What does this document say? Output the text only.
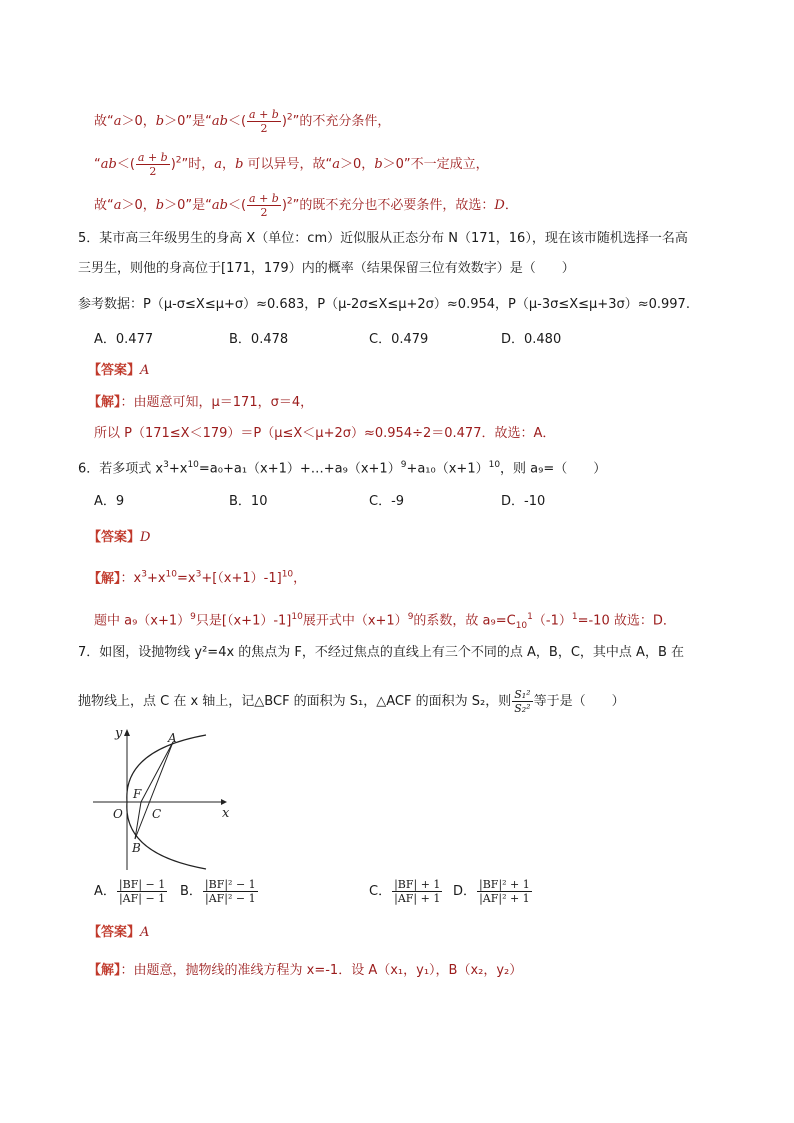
故“a＞0，b＞0”是“$ab<( \frac{a + b}{2} )^2$”的不充分条件，
“$ab<( \frac{a + b}{2} )^2$”时，a，b 可以异号，故“a＞0，b＞0”不一定成立，
故“a＞0，b＞0”是“$ab<( \frac{a + b}{2} )^2$”的既不充分也不必要条件，故选：D．
5．某市高三年级男生的身高 X（单位：cm）近似服从正态分布 N（171，16），现在该市随机选择一名高
三男生，则他的身高位于[171，179）内的概率（结果保留三位有效数字）是（　　）
参考数据：P（μ-σ≤X≤μ+σ）≈0.683，P（μ-2σ≤X≤μ+2σ）≈0.954，P（μ-3σ≤X≤μ+3σ）≈0.997.
A．0.477	B．0.478	C．0.479	D．0.480
【答案】A
【解】：由题意可知，μ＝171，σ＝4，
所以 P（171≤X＜179）＝P（μ≤X＜μ+2σ）≈0.954÷2＝0.477．故选：A．
6．若多项式 $x^3+x^{10}=a_0+a_1(x+1)+\dots+a_9(x+1)^9+a_{10}(x+1)^{10}$，则 a₉=（　　）
A．9	B．10	C．-9	D．-10
【答案】D
【解】：$x^3+x^{10}=x^3+[(x+1)-1]^{10}$，
题中 $a_9(x+1)^9$只是$[(x+1)-1]^{10}$展开式中$(x+1)^9$的系数，故 $a_9=C_{10}^1(-1)^1=-10$ 故选：D．
7．如图，设抛物线 y²=4x 的焦点为 F，不经过焦点的直线上有三个不同的点 A，B，C，其中点 A，B 在
抛物线上，点 C 在 x 轴上，记△BCF 的面积为 S₁，△ACF 的面积为 S₂，则 $\frac{\text{S₁²}}{\text{S₂²}}$ 等于是（　　）
y
x
A
B
C
F
O
A． $\frac{|BF| - 1}{|AF| - 1}$ B． $\frac{\text{|BF|² − 1}}{\text{|AF|² − 1}}$	C． $\frac{|BF| + 1}{|AF| + 1}$ D． $\frac{\text{|BF|² + 1}}{\text{|AF|² + 1}}$
【答案】A
【解】：由题意，抛物线的准线方程为 x=-1．设 A（x₁，y₁），B（x₂，y₂）
